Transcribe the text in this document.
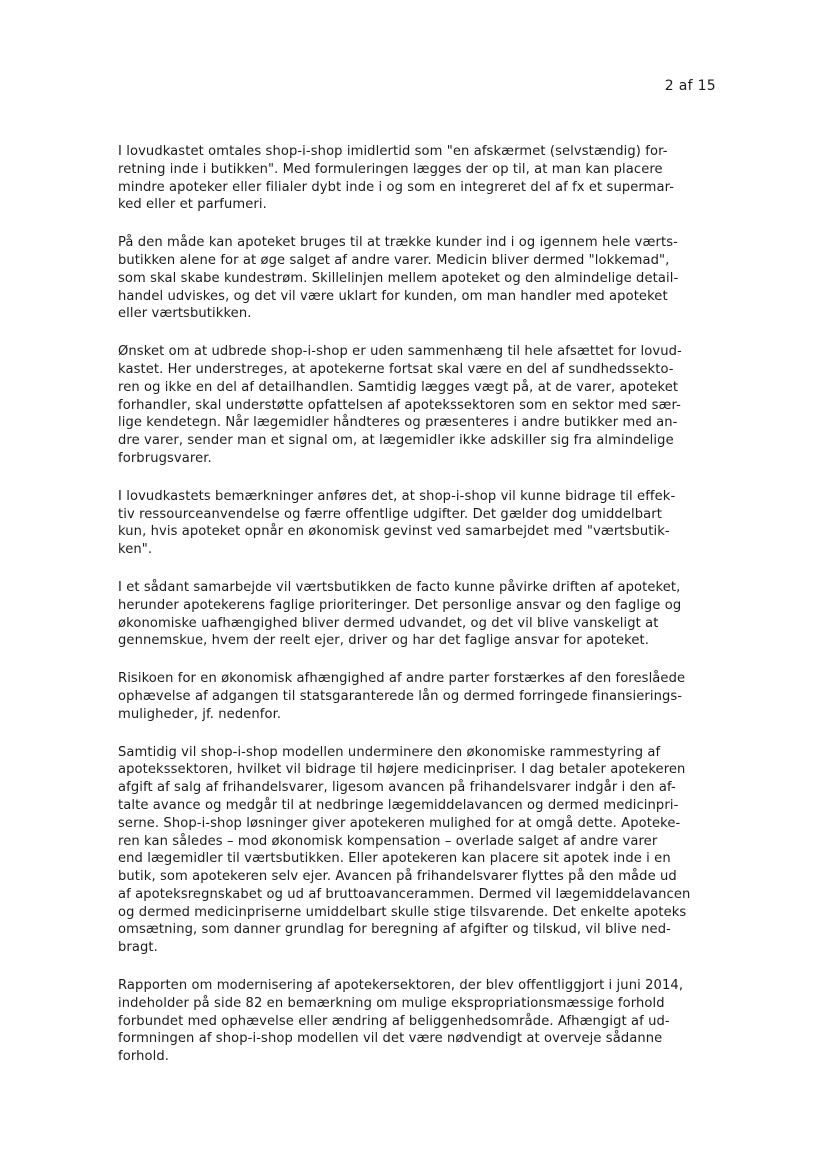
2 af 15

I lovudkastet omtales shop-i-shop imidlertid som "en afskærmet (selvstændig) for-
retning inde i butikken". Med formuleringen lægges der op til, at man kan placere
mindre apoteker eller filialer dybt inde i og som en integreret del af fx et supermar-
ked eller et parfumeri.

På den måde kan apoteket bruges til at trække kunder ind i og igennem hele værts-
butikken alene for at øge salget af andre varer. Medicin bliver dermed "lokkemad",
som skal skabe kundestrøm. Skillelinjen mellem apoteket og den almindelige detail-
handel udviskes, og det vil være uklart for kunden, om man handler med apoteket
eller værtsbutikken.

Ønsket om at udbrede shop-i-shop er uden sammenhæng til hele afsættet for lovud-
kastet. Her understreges, at apotekerne fortsat skal være en del af sundhedssekto-
ren og ikke en del af detailhandlen. Samtidig lægges vægt på, at de varer, apoteket
forhandler, skal understøtte opfattelsen af apotekssektoren som en sektor med sær-
lige kendetegn. Når lægemidler håndteres og præsenteres i andre butikker med an-
dre varer, sender man et signal om, at lægemidler ikke adskiller sig fra almindelige
forbrugsvarer.

I lovudkastets bemærkninger anføres det, at shop-i-shop vil kunne bidrage til effek-
tiv ressourceanvendelse og færre offentlige udgifter. Det gælder dog umiddelbart
kun, hvis apoteket opnår en økonomisk gevinst ved samarbejdet med "værtsbutik-
ken".

I et sådant samarbejde vil værtsbutikken de facto kunne påvirke driften af apoteket,
herunder apotekerens faglige prioriteringer. Det personlige ansvar og den faglige og
økonomiske uafhængighed bliver dermed udvandet, og det vil blive vanskeligt at
gennemskue, hvem der reelt ejer, driver og har det faglige ansvar for apoteket.

Risikoen for en økonomisk afhængighed af andre parter forstærkes af den foreslåede
ophævelse af adgangen til statsgaranterede lån og dermed forringede finansierings-
muligheder, jf. nedenfor.

Samtidig vil shop-i-shop modellen underminere den økonomiske rammestyring af
apotekssektoren, hvilket vil bidrage til højere medicinpriser. I dag betaler apotekeren
afgift af salg af frihandelsvarer, ligesom avancen på frihandelsvarer indgår i den af-
talte avance og medgår til at nedbringe lægemiddelavancen og dermed medicinpri-
serne. Shop-i-shop løsninger giver apotekeren mulighed for at omgå dette. Apoteke-
ren kan således – mod økonomisk kompensation – overlade salget af andre varer
end lægemidler til værtsbutikken. Eller apotekeren kan placere sit apotek inde i en
butik, som apotekeren selv ejer. Avancen på frihandelsvarer flyttes på den måde ud
af apoteksregnskabet og ud af bruttoavancerammen. Dermed vil lægemiddelavancen
og dermed medicinpriserne umiddelbart skulle stige tilsvarende. Det enkelte apoteks
omsætning, som danner grundlag for beregning af afgifter og tilskud, vil blive ned-
bragt.

Rapporten om modernisering af apotekersektoren, der blev offentliggjort i juni 2014,
indeholder på side 82 en bemærkning om mulige ekspropriationsmæssige forhold
forbundet med ophævelse eller ændring af beliggenhedsområde. Afhængigt af ud-
formningen af shop-i-shop modellen vil det være nødvendigt at overveje sådanne
forhold.
